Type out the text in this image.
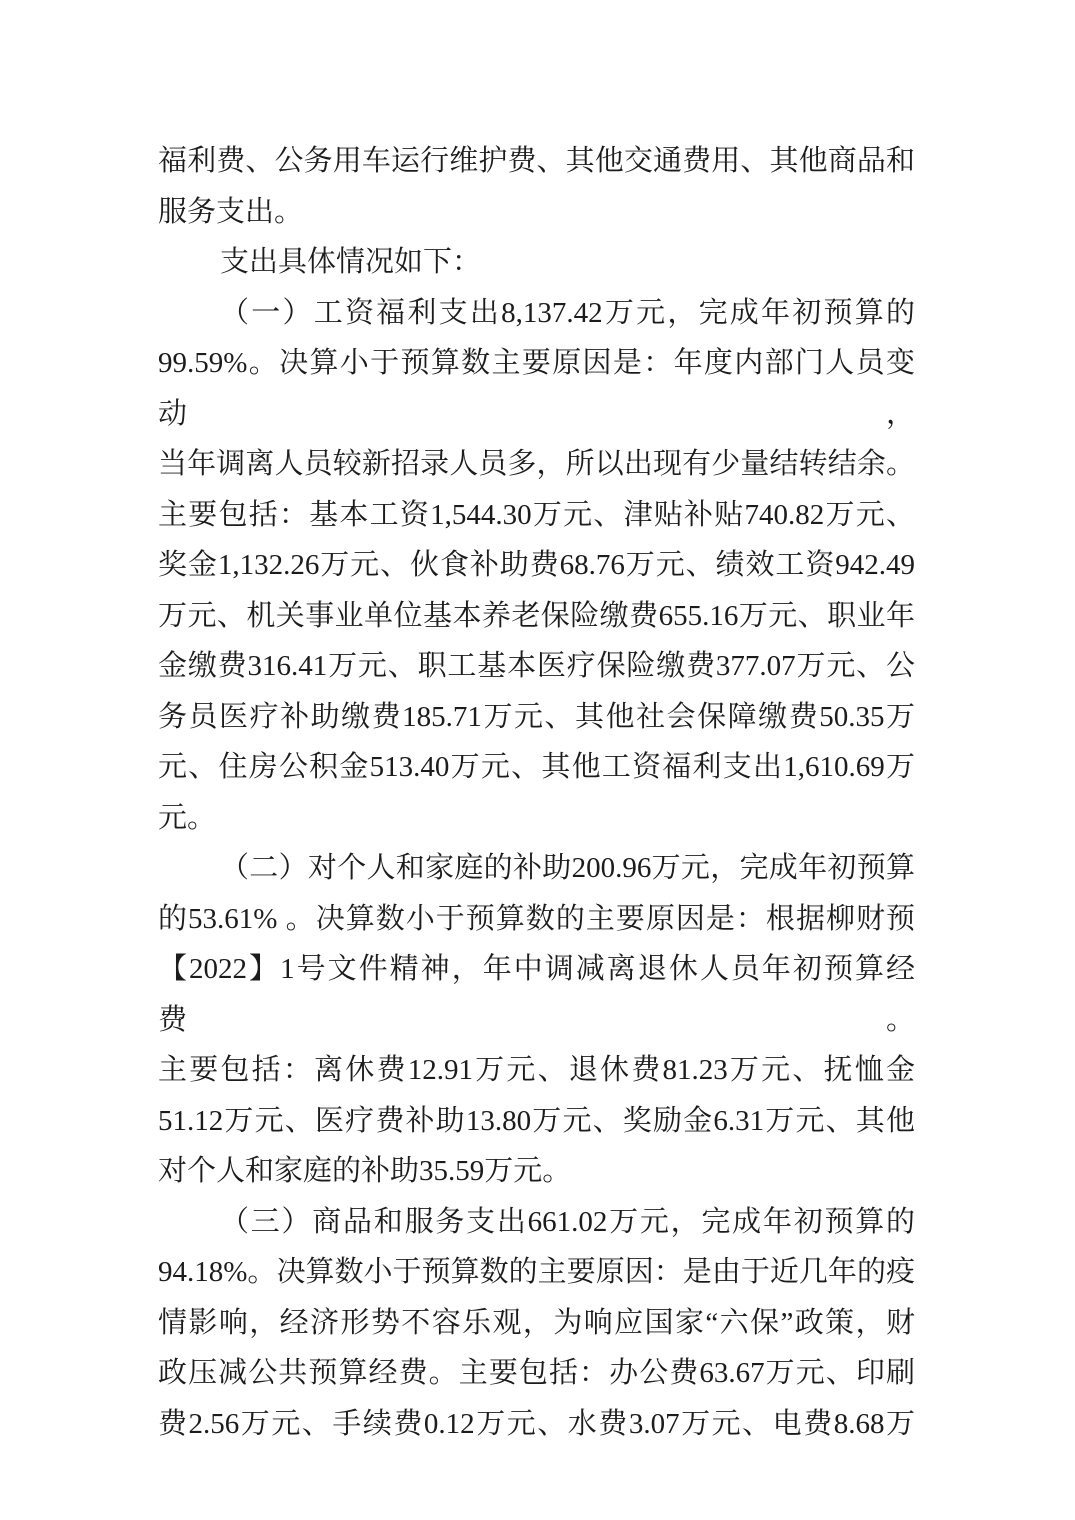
福利费、公务用车运行维护费、其他交通费用、其他商品和
服务支出。
支出具体情况如下：
（一）工资福利支出8,137.42万元，完成年初预算的
99.59%。决算小于预算数主要原因是：年度内部门人员变动，
当年调离人员较新招录人员多，所以出现有少量结转结余。
主要包括：基本工资1,544.30万元、津贴补贴740.82万元、
奖金1,132.26万元、伙食补助费68.76万元、绩效工资942.49
万元、机关事业单位基本养老保险缴费655.16万元、职业年
金缴费316.41万元、职工基本医疗保险缴费377.07万元、公
务员医疗补助缴费185.71万元、其他社会保障缴费50.35万
元、住房公积金513.40万元、其他工资福利支出1,610.69万
元。
（二）对个人和家庭的补助200.96万元，完成年初预算
的53.61% 。决算数小于预算数的主要原因是：根据柳财预
【2022】1号文件精神，年中调减离退休人员年初预算经费。
主要包括：离休费12.91万元、退休费81.23万元、抚恤金
51.12万元、医疗费补助13.80万元、奖励金6.31万元、其他
对个人和家庭的补助35.59万元。
（三）商品和服务支出661.02万元，完成年初预算的
94.18%。决算数小于预算数的主要原因：是由于近几年的疫
情影响，经济形势不容乐观，为响应国家“六保”政策，财
政压减公共预算经费。主要包括：办公费63.67万元、印刷
费2.56万元、手续费0.12万元、水费3.07万元、电费8.68万
